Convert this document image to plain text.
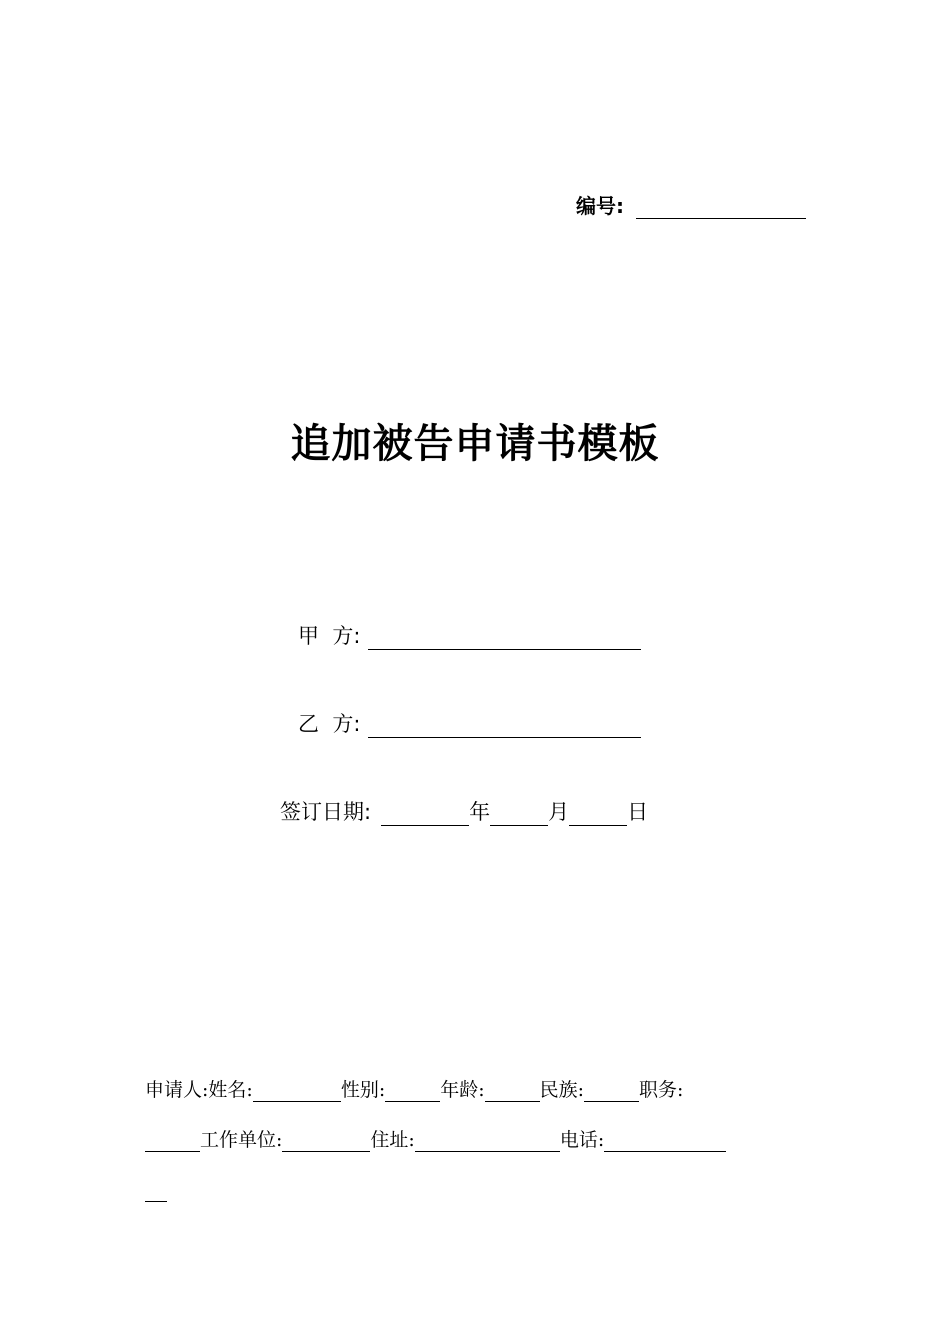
编号:
追加被告申请书模板
甲  方:
乙  方:
签订日期:	年	月	日
申请人:姓名:	性别:	年龄:	民族:	职务:
工作单位:	住址:	电话:
